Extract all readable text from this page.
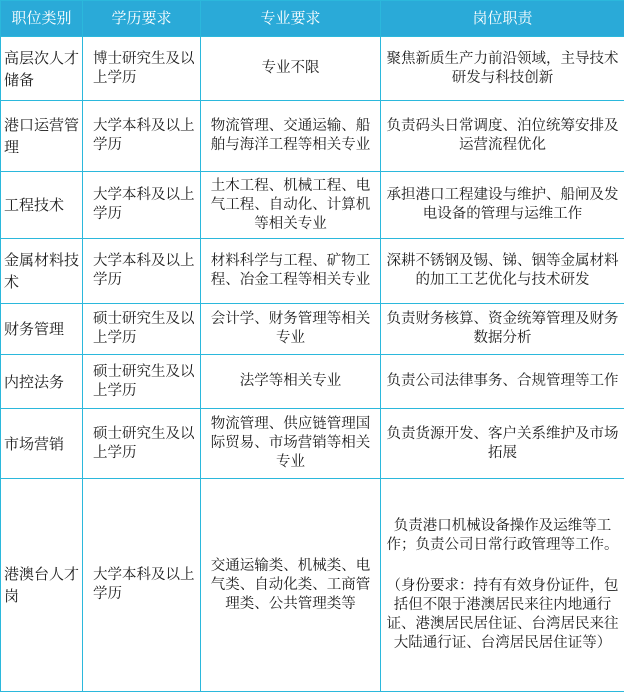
职位类别	学历要求	专业要求	岗位职责
高层次人才储备	博士研究生及以上学历	专业不限	聚焦新质生产力前沿领域，主导技术研发与科技创新
港口运营管理	大学本科及以上学历	物流管理、交通运输、船舶与海洋工程等相关专业	负责码头日常调度、泊位统筹安排及运营流程优化
工程技术	大学本科及以上学历	土木工程、机械工程、电气工程、自动化、计算机等相关专业	承担港口工程建设与维护、船闸及发电设备的管理与运维工作
金属材料技术	大学本科及以上学历	材料科学与工程、矿物工程、冶金工程等相关专业	深耕不锈钢及锡、锑、铟等金属材料的加工工艺优化与技术研发
财务管理	硕士研究生及以上学历	会计学、财务管理等相关专业	负责财务核算、资金统筹管理及财务数据分析
内控法务	硕士研究生及以上学历	法学等相关专业	负责公司法律事务、合规管理等工作
市场营销	硕士研究生及以上学历	物流管理、供应链管理国际贸易、市场营销等相关专业	负责货源开发、客户关系维护及市场拓展
港澳台人才岗	大学本科及以上学历	交通运输类、机械类、电气类、自动化类、工商管理类、公共管理类等	负责港口机械设备操作及运维等工作；负责公司日常行政管理等工作。
（身份要求：持有有效身份证件，包括但不限于港澳居民来往内地通行证、港澳居民居住证、台湾居民来往大陆通行证、台湾居民居住证等）
